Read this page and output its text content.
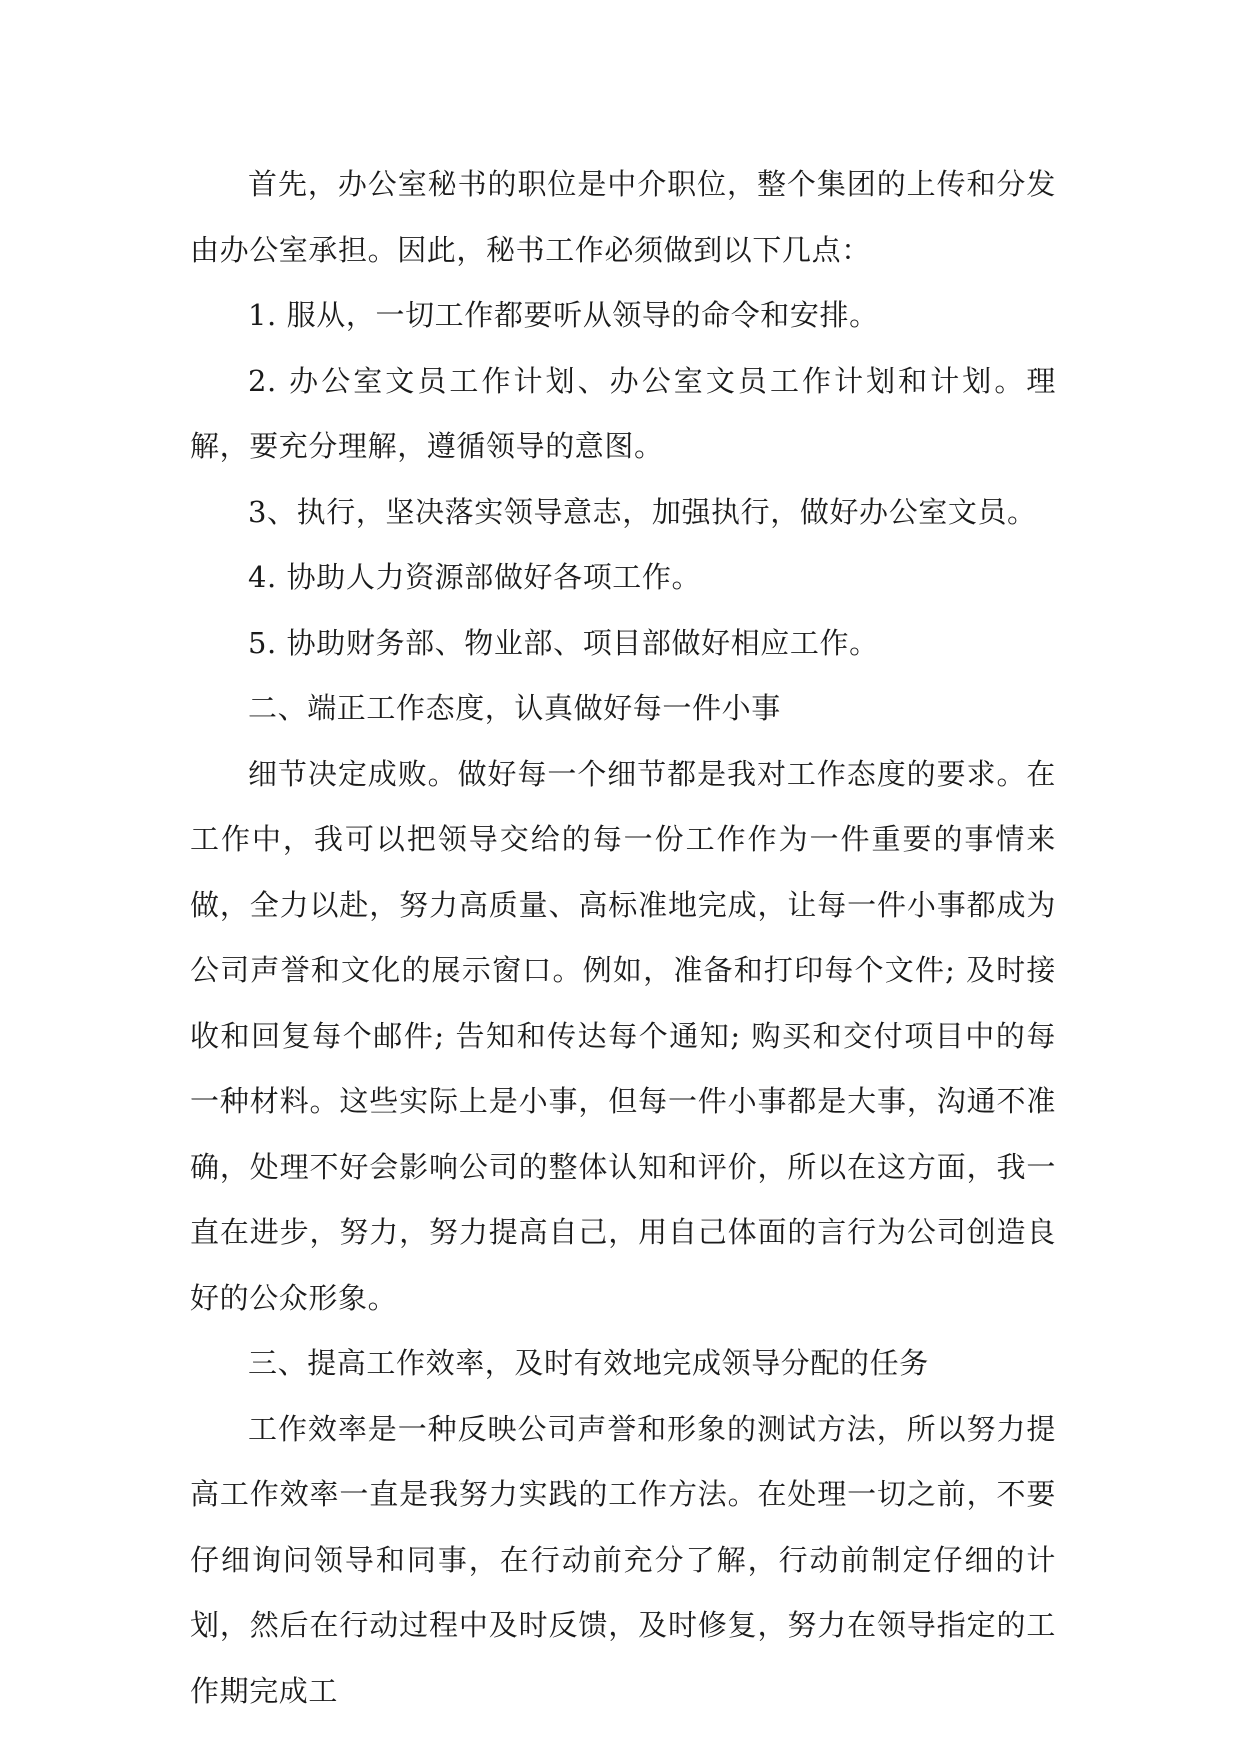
首先，办公室秘书的职位是中介职位，整个集团的上传和分发由办公室承担。因此，秘书工作必须做到以下几点：

1. 服从，一切工作都要听从领导的命令和安排。

2. 办公室文员工作计划、办公室文员工作计划和计划。理解，要充分理解，遵循领导的意图。

3、执行，坚决落实领导意志，加强执行，做好办公室文员。

4. 协助人力资源部做好各项工作。

5. 协助财务部、物业部、项目部做好相应工作。

二、端正工作态度，认真做好每一件小事

细节决定成败。做好每一个细节都是我对工作态度的要求。在工作中，我可以把领导交给的每一份工作作为一件重要的事情来做，全力以赴，努力高质量、高标准地完成，让每一件小事都成为公司声誉和文化的展示窗口。例如，准备和打印每个文件; 及时接收和回复每个邮件; 告知和传达每个通知; 购买和交付项目中的每一种材料。这些实际上是小事，但每一件小事都是大事，沟通不准确，处理不好会影响公司的整体认知和评价，所以在这方面，我一直在进步，努力，努力提高自己，用自己体面的言行为公司创造良好的公众形象。

三、提高工作效率，及时有效地完成领导分配的任务

工作效率是一种反映公司声誉和形象的测试方法，所以努力提高工作效率一直是我努力实践的工作方法。在处理一切之前，不要仔细询问领导和同事，在行动前充分了解，行动前制定仔细的计划，然后在行动过程中及时反馈，及时修复，努力在领导指定的工作期完成工
